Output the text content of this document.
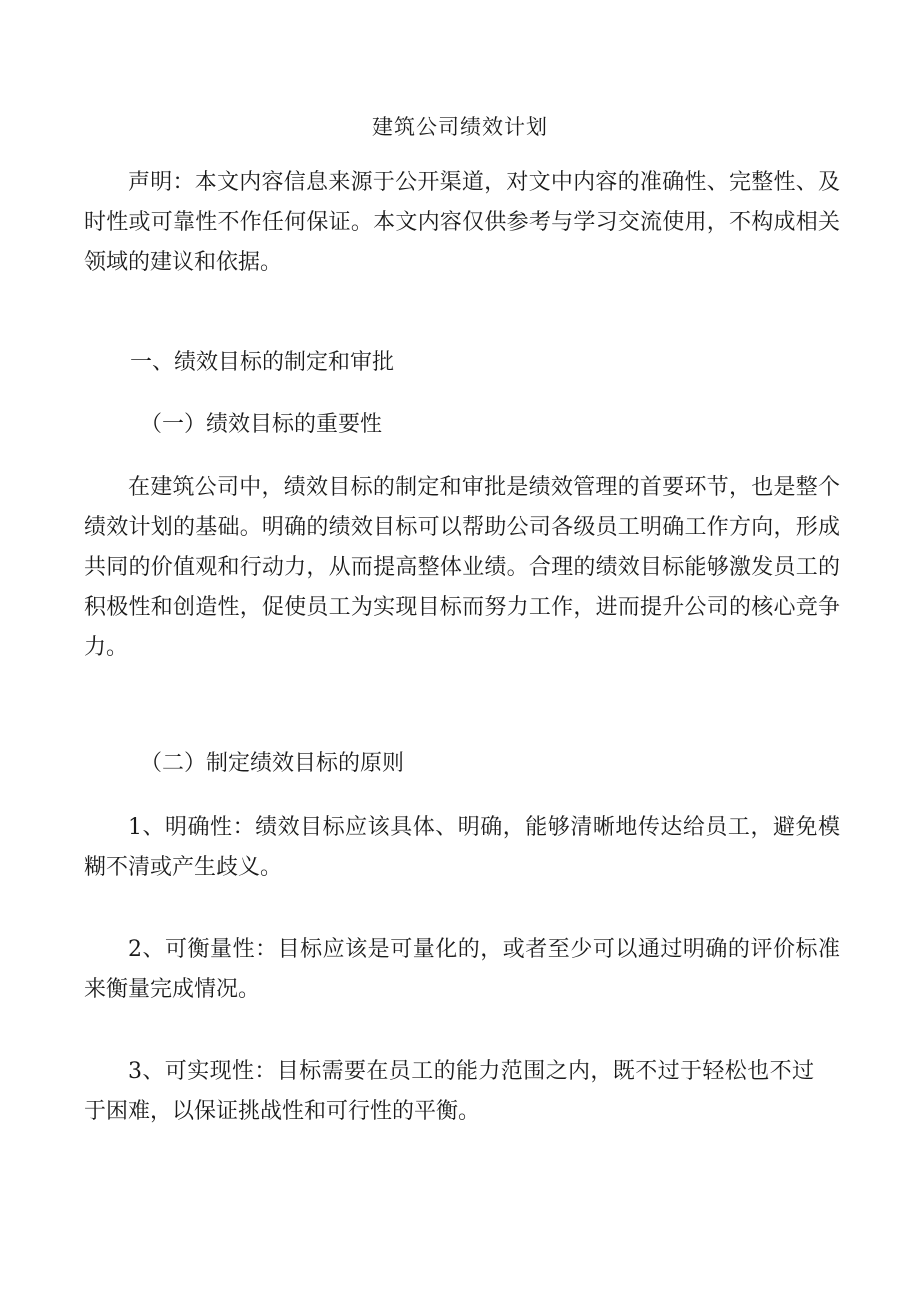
建筑公司绩效计划

声明：本文内容信息来源于公开渠道，对文中内容的准确性、完整性、及时性或可靠性不作任何保证。本文内容仅供参考与学习交流使用，不构成相关领域的建议和依据。

一、绩效目标的制定和审批

（一）绩效目标的重要性

在建筑公司中，绩效目标的制定和审批是绩效管理的首要环节，也是整个绩效计划的基础。明确的绩效目标可以帮助公司各级员工明确工作方向，形成共同的价值观和行动力，从而提高整体业绩。合理的绩效目标能够激发员工的积极性和创造性，促使员工为实现目标而努力工作，进而提升公司的核心竞争力。

（二）制定绩效目标的原则

1、明确性：绩效目标应该具体、明确，能够清晰地传达给员工，避免模糊不清或产生歧义。

2、可衡量性：目标应该是可量化的，或者至少可以通过明确的评价标准来衡量完成情况。

3、可实现性：目标需要在员工的能力范围之内，既不过于轻松也不过于困难，以保证挑战性和可行性的平衡。
